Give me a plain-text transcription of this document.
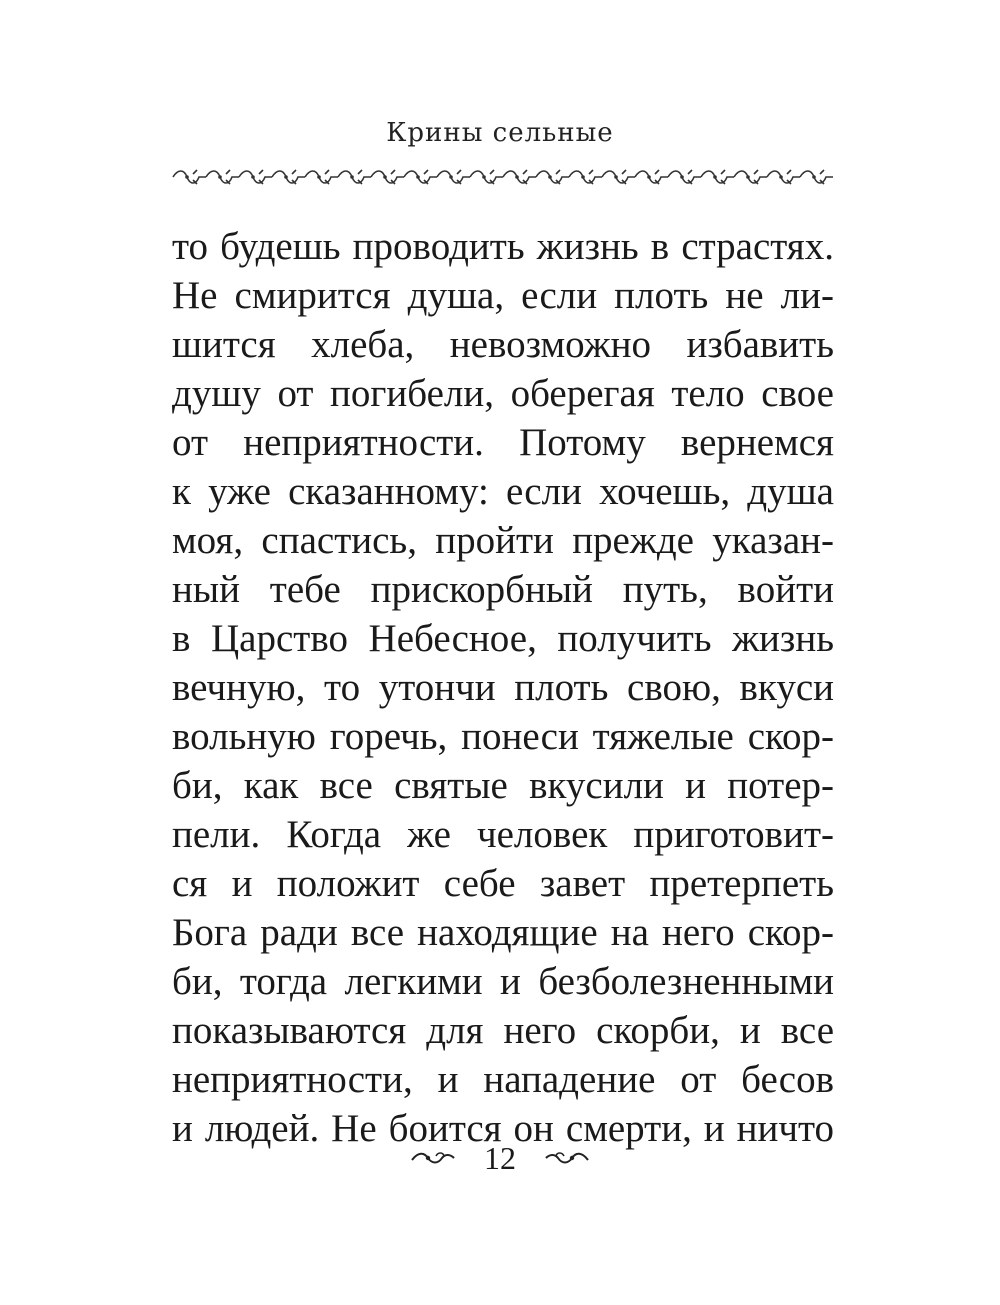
Крины сельные
то будешь проводить жизнь в страстях.
Не смирится душа, если плоть не ли-
шится хлеба, невозможно избавить
душу от погибели, оберегая тело свое
от неприятности. Потому вернемся
к уже сказанному: если хочешь, душа
моя, спастись, пройти прежде указан-
ный тебе прискорбный путь, войти
в Царство Небесное, получить жизнь
вечную, то утончи плоть свою, вкуси
вольную горечь, понеси тяжелые скор-
би, как все святые вкусили и потер-
пели. Когда же человек приготовит-
ся и положит себе завет претерпеть
Бога ради все находящие на него скор-
би, тогда легкими и безболезненными
показываются для него скорби, и все
неприятности, и нападение от бесов
и людей. Не боится он смерти, и ничто
12
